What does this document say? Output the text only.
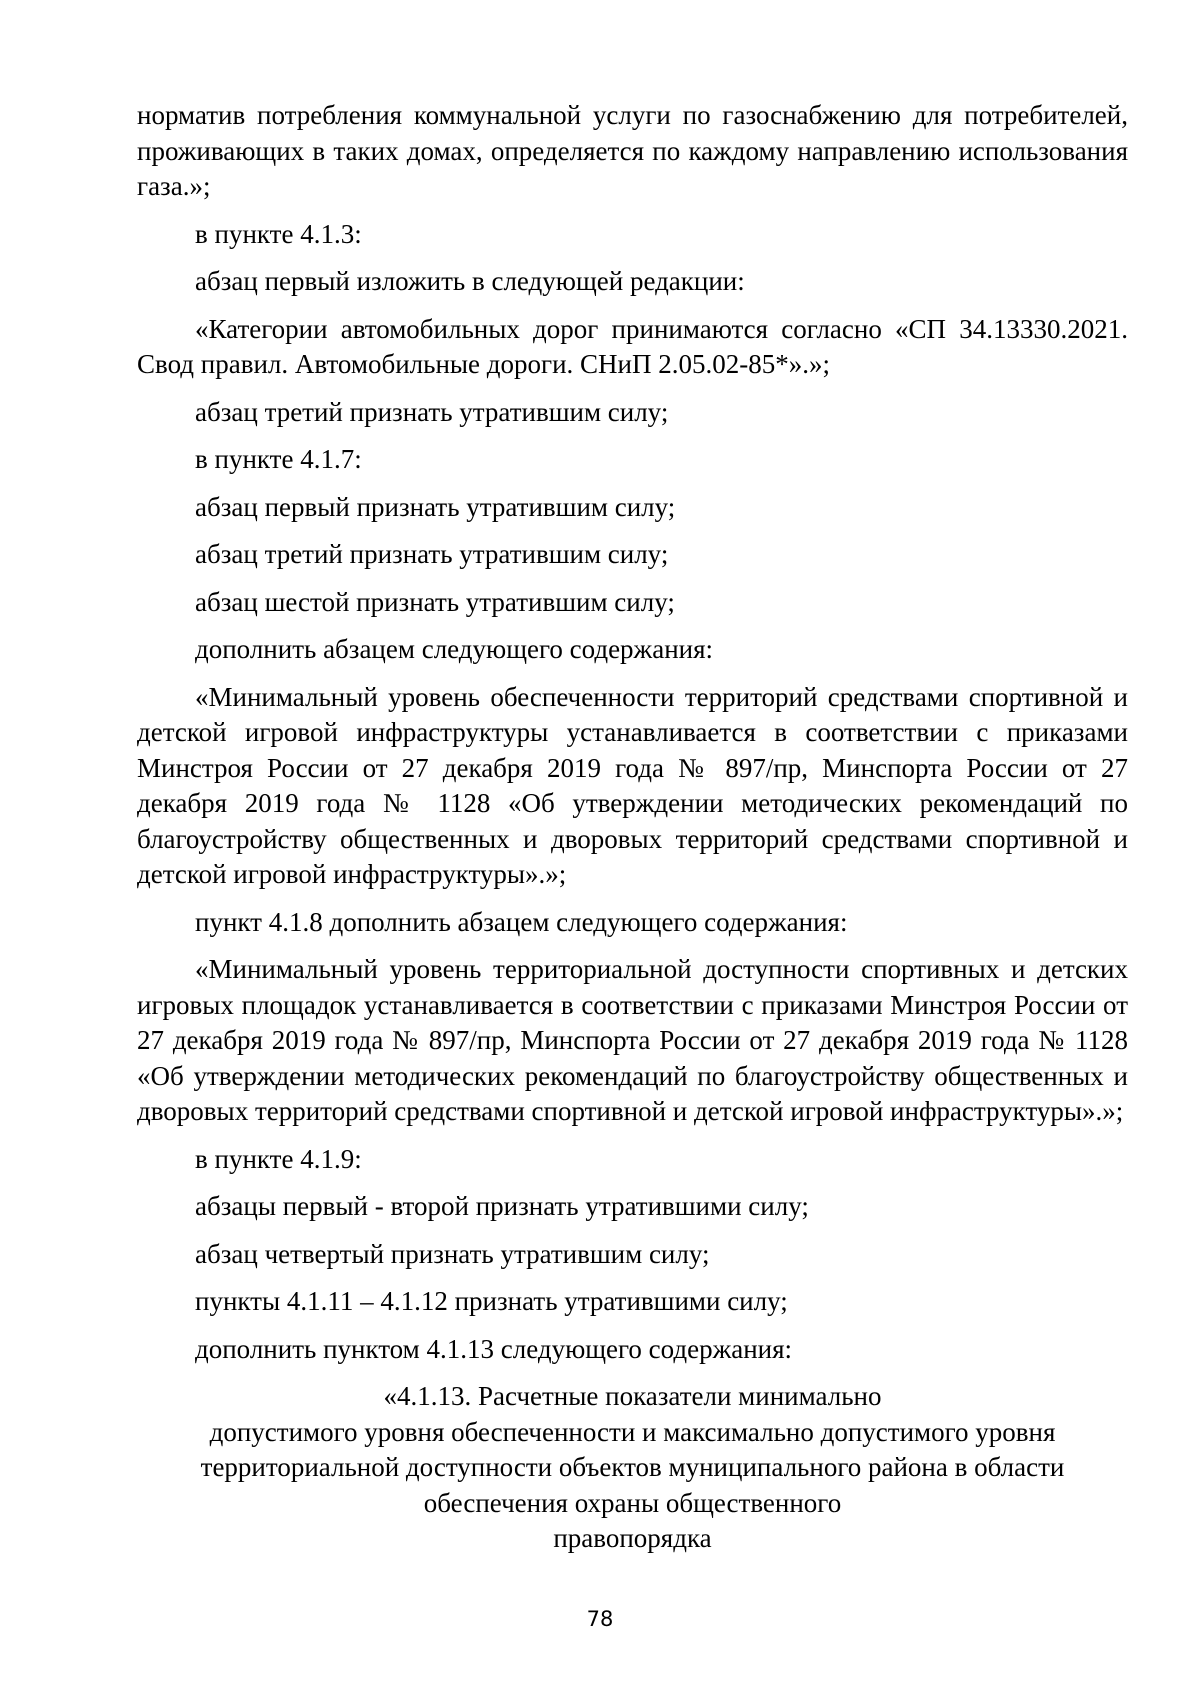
норматив потребления коммунальной услуги по газоснабжению для потребителей, проживающих в таких домах, определяется по каждому направлению использования газа.»;

в пункте 4.1.3:

абзац первый изложить в следующей редакции:

«Категории автомобильных дорог принимаются согласно «СП 34.13330.2021. Свод правил. Автомобильные дороги. СНиП 2.05.02-85*».»;

абзац третий признать утратившим силу;

в пункте 4.1.7:

абзац первый признать утратившим силу;

абзац третий признать утратившим силу;

абзац шестой признать утратившим силу;

дополнить абзацем следующего содержания:

«Минимальный уровень обеспеченности территорий средствами спортивной и детской игровой инфраструктуры устанавливается в соответствии с приказами Минстроя России от 27 декабря 2019 года № 897/пр, Минспорта России от 27 декабря 2019 года № 1128 «Об утверждении методических рекомендаций по благоустройству общественных и дворовых территорий средствами спортивной и детской игровой инфраструктуры».»;

пункт 4.1.8 дополнить абзацем следующего содержания:

«Минимальный уровень территориальной доступности спортивных и детских игровых площадок устанавливается в соответствии с приказами Минстроя России от 27 декабря 2019 года № 897/пр, Минспорта России от 27 декабря 2019 года № 1128 «Об утверждении методических рекомендаций по благоустройству общественных и дворовых территорий средствами спортивной и детской игровой инфраструктуры».»;

в пункте 4.1.9:

абзацы первый - второй признать утратившими силу;

абзац четвертый признать утратившим силу;

пункты 4.1.11 – 4.1.12 признать утратившими силу;

дополнить пунктом 4.1.13 следующего содержания:

«4.1.13. Расчетные показатели минимально
допустимого уровня обеспеченности и максимально допустимого уровня
территориальной доступности объектов муниципального района в области
обеспечения охраны общественного
правопорядка
78
